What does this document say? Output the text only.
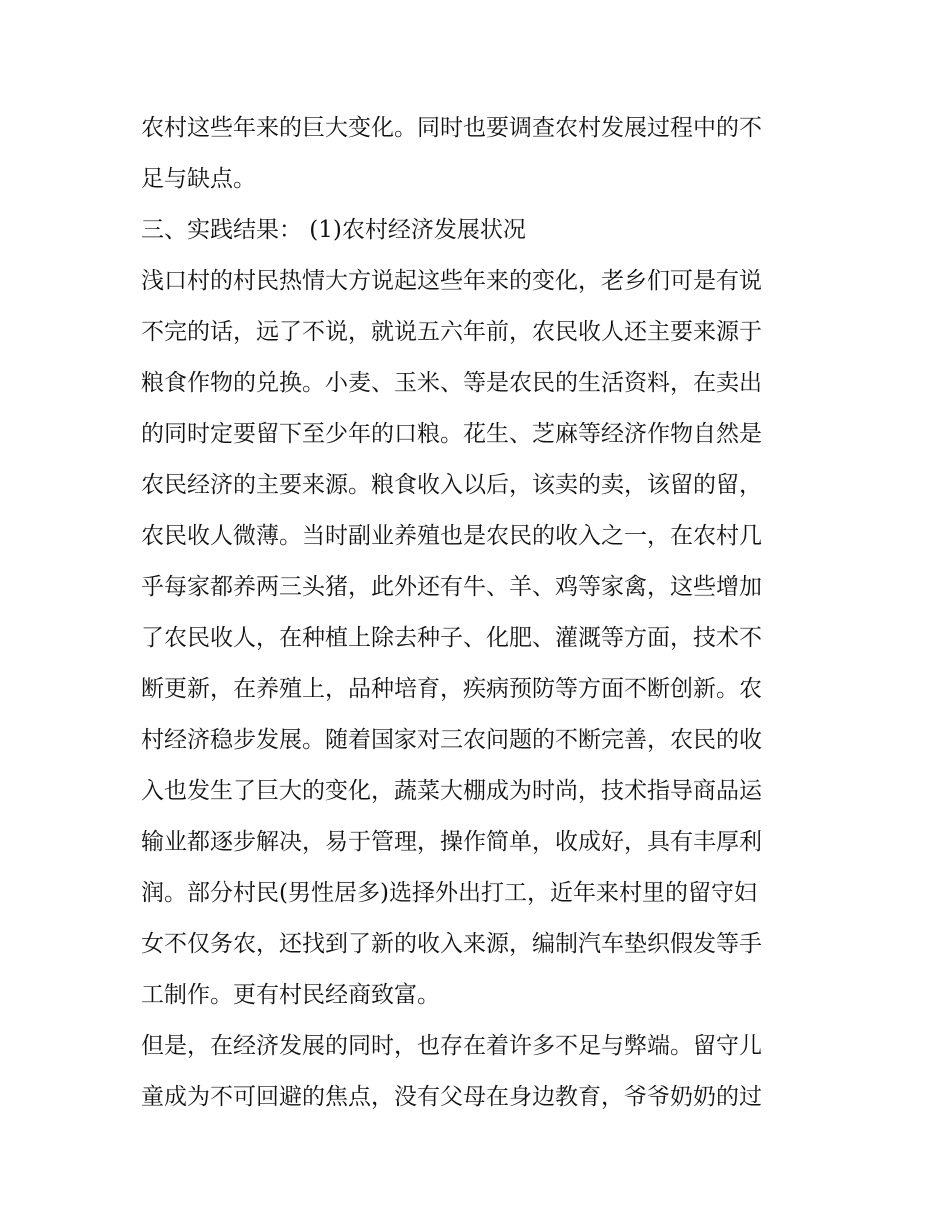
农村这些年来的巨大变化。同时也要调查农村发展过程中的不
足与缺点。
三、实践结果： (1)农村经济发展状况
浅口村的村民热情大方说起这些年来的变化，老乡们可是有说
不完的话，远了不说，就说五六年前，农民收人还主要来源于
粮食作物的兑换。小麦、玉米、等是农民的生活资料，在卖出
的同时定要留下至少年的口粮。花生、芝麻等经济作物自然是
农民经济的主要来源。粮食收入以后，该卖的卖，该留的留，
农民收人微薄。当时副业养殖也是农民的收入之一，在农村几
乎每家都养两三头猪，此外还有牛、羊、鸡等家禽，这些增加
了农民收人，在种植上除去种子、化肥、灌溉等方面，技术不
断更新，在养殖上，品种培育，疾病预防等方面不断创新。农
村经济稳步发展。随着国家对三农问题的不断完善，农民的收
入也发生了巨大的变化，蔬菜大棚成为时尚，技术指导商品运
输业都逐步解决，易于管理，操作简单，收成好，具有丰厚利
润。部分村民(男性居多)选择外出打工，近年来村里的留守妇
女不仅务农，还找到了新的收入来源，编制汽车垫织假发等手
工制作。更有村民经商致富。
但是，在经济发展的同时，也存在着许多不足与弊端。留守儿
童成为不可回避的焦点，没有父母在身边教育，爷爷奶奶的过
